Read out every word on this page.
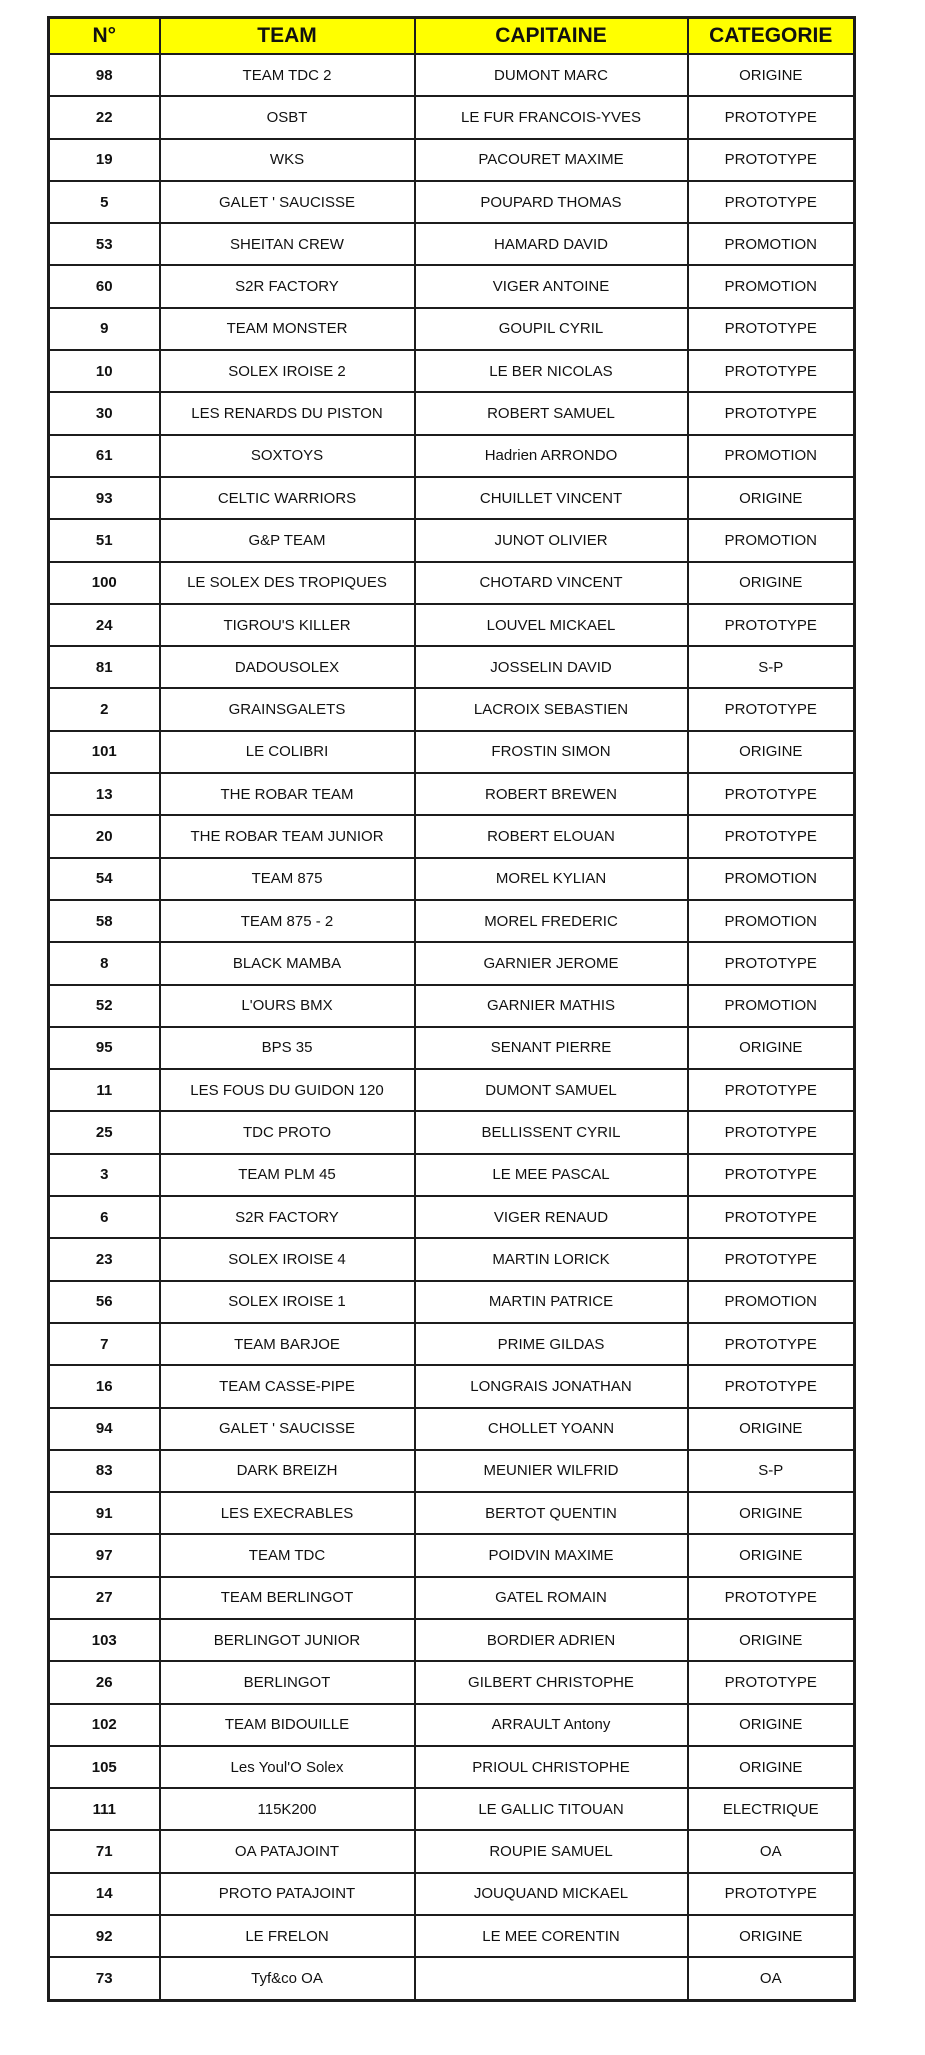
N°	TEAM	CAPITAINE	CATEGORIE
98	TEAM TDC 2	DUMONT MARC	ORIGINE
22	OSBT	LE FUR FRANCOIS-YVES	PROTOTYPE
19	WKS	PACOURET MAXIME	PROTOTYPE
5	GALET ' SAUCISSE	POUPARD THOMAS	PROTOTYPE
53	SHEITAN CREW	HAMARD DAVID	PROMOTION
60	S2R FACTORY	VIGER ANTOINE	PROMOTION
9	TEAM MONSTER	GOUPIL CYRIL	PROTOTYPE
10	SOLEX IROISE 2	LE BER NICOLAS	PROTOTYPE
30	LES RENARDS DU PISTON	ROBERT SAMUEL	PROTOTYPE
61	SOXTOYS	Hadrien ARRONDO	PROMOTION
93	CELTIC WARRIORS	CHUILLET VINCENT	ORIGINE
51	G&P TEAM	JUNOT OLIVIER	PROMOTION
100	LE SOLEX DES TROPIQUES	CHOTARD VINCENT	ORIGINE
24	TIGROU'S KILLER	LOUVEL MICKAEL	PROTOTYPE
81	DADOUSOLEX	JOSSELIN DAVID	S-P
2	GRAINSGALETS	LACROIX SEBASTIEN	PROTOTYPE
101	LE COLIBRI	FROSTIN SIMON	ORIGINE
13	THE ROBAR TEAM	ROBERT BREWEN	PROTOTYPE
20	THE ROBAR TEAM JUNIOR	ROBERT ELOUAN	PROTOTYPE
54	TEAM 875	MOREL KYLIAN	PROMOTION
58	TEAM 875 - 2	MOREL FREDERIC	PROMOTION
8	BLACK MAMBA	GARNIER JEROME	PROTOTYPE
52	L'OURS BMX	GARNIER MATHIS	PROMOTION
95	BPS 35	SENANT PIERRE	ORIGINE
11	LES FOUS DU GUIDON 120	DUMONT SAMUEL	PROTOTYPE
25	TDC PROTO	BELLISSENT CYRIL	PROTOTYPE
3	TEAM PLM 45	LE MEE PASCAL	PROTOTYPE
6	S2R FACTORY	VIGER RENAUD	PROTOTYPE
23	SOLEX IROISE 4	MARTIN LORICK	PROTOTYPE
56	SOLEX IROISE 1	MARTIN PATRICE	PROMOTION
7	TEAM BARJOE	PRIME GILDAS	PROTOTYPE
16	TEAM CASSE-PIPE	LONGRAIS JONATHAN	PROTOTYPE
94	GALET ' SAUCISSE	CHOLLET YOANN	ORIGINE
83	DARK BREIZH	MEUNIER WILFRID	S-P
91	LES EXECRABLES	BERTOT QUENTIN	ORIGINE
97	TEAM TDC	POIDVIN MAXIME	ORIGINE
27	TEAM BERLINGOT	GATEL ROMAIN	PROTOTYPE
103	BERLINGOT JUNIOR	BORDIER ADRIEN	ORIGINE
26	BERLINGOT	GILBERT CHRISTOPHE	PROTOTYPE
102	TEAM BIDOUILLE	ARRAULT Antony	ORIGINE
105	Les Youl'O Solex	PRIOUL CHRISTOPHE	ORIGINE
111	115K200	LE GALLIC TITOUAN	ELECTRIQUE
71	OA PATAJOINT	ROUPIE SAMUEL	OA
14	PROTO PATAJOINT	JOUQUAND MICKAEL	PROTOTYPE
92	LE FRELON	LE MEE CORENTIN	ORIGINE
73	Tyf&co OA		OA
